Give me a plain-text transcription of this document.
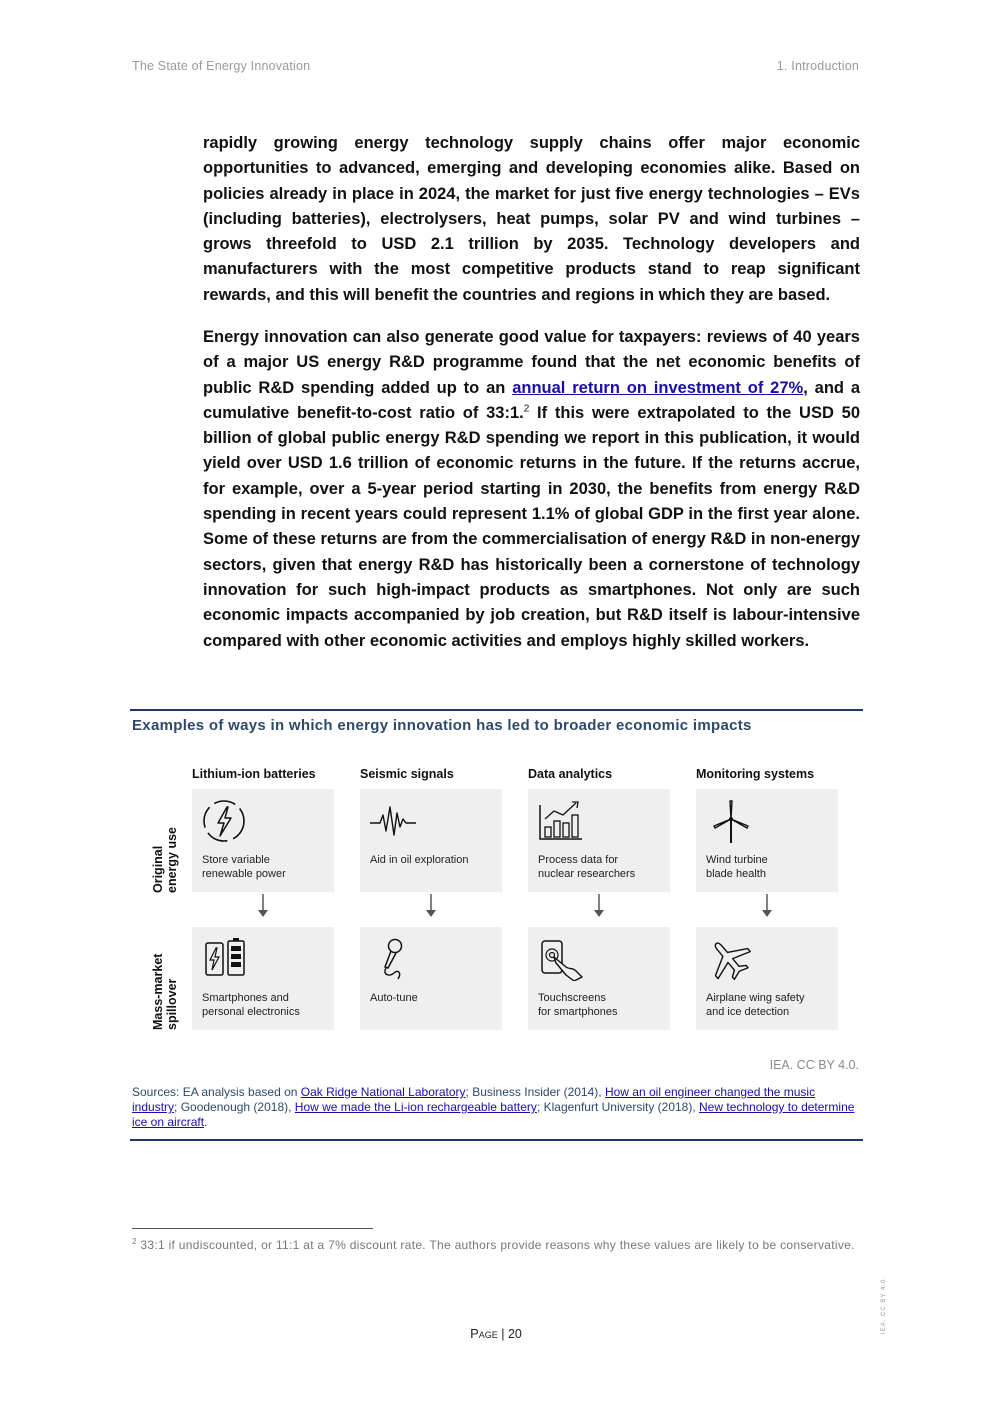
The State of Energy Innovation	1. Introduction

rapidly growing energy technology supply chains offer major economic opportunities to advanced, emerging and developing economies alike. Based on policies already in place in 2024, the market for just five energy technologies – EVs (including batteries), electrolysers, heat pumps, solar PV and wind turbines – grows threefold to USD 2.1 trillion by 2035. Technology developers and manufacturers with the most competitive products stand to reap significant rewards, and this will benefit the countries and regions in which they are based.

Energy innovation can also generate good value for taxpayers: reviews of 40 years of a major US energy R&D programme found that the net economic benefits of public R&D spending added up to an annual return on investment of 27%, and a cumulative benefit-to-cost ratio of 33:1.$^2$ If this were extrapolated to the USD 50 billion of global public energy R&D spending we report in this publication, it would yield over USD 1.6 trillion of economic returns in the future. If the returns accrue, for example, over a 5-year period starting in 2030, the benefits from energy R&D spending in recent years could represent 1.1% of global GDP in the first year alone. Some of these returns are from the commercialisation of energy R&D in non-energy sectors, given that energy R&D has historically been a cornerstone of technology innovation for such high-impact products as smartphones. Not only are such economic impacts accompanied by job creation, but R&D itself is labour-intensive compared with other economic activities and employs highly skilled workers.

Examples of ways in which energy innovation has led to broader economic impacts
Original energy use
Mass-market spillover
Lithium-ion batteries
Store variable
renewable power
Smartphones and
personal electronics
Seismic signals
Aid in oil exploration
Auto-tune
Data analytics
Process data for
nuclear researchers
Touchscreens
for smartphones
Monitoring systems
Wind turbine
blade health
Airplane wing safety
and ice detection
IEA. CC BY 4.0.
Sources: EA analysis based on Oak Ridge National Laboratory; Business Insider (2014), How an oil engineer changed the music industry; Goodenough (2018), How we made the Li-ion rechargeable battery; Klagenfurt University (2018), New technology to determine ice on aircraft.
$^2$ 33:1 if undiscounted, or 11:1 at a 7% discount rate. The authors provide reasons why these values are likely to be conservative.
Page | 20	IEA. CC BY 4.0.
